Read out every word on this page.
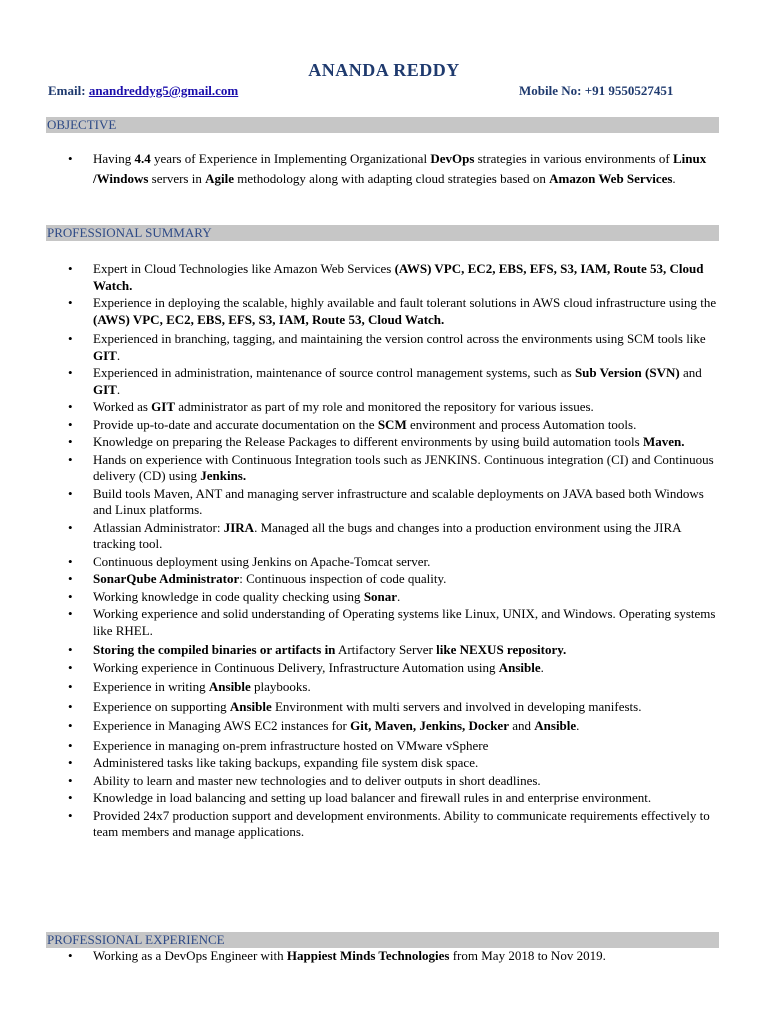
ANANDA REDDY
Email: anandreddyg5@gmail.com	Mobile No: +91 9550527451
OBJECTIVE
• Having 4.4 years of Experience in Implementing Organizational DevOps strategies in various environments of Linux /Windows servers in Agile methodology along with adapting cloud strategies based on Amazon Web Services.
PROFESSIONAL SUMMARY
• Expert in Cloud Technologies like Amazon Web Services (AWS) VPC, EC2, EBS, EFS, S3, IAM, Route 53, Cloud Watch.
• Experience in deploying the scalable, highly available and fault tolerant solutions in AWS cloud infrastructure using the (AWS) VPC, EC2, EBS, EFS, S3, IAM, Route 53, Cloud Watch.
• Experienced in branching, tagging, and maintaining the version control across the environments using SCM tools like GIT.
• Experienced in administration, maintenance of source control management systems, such as Sub Version (SVN) and GIT.
• Worked as GIT administrator as part of my role and monitored the repository for various issues.
• Provide up-to-date and accurate documentation on the SCM environment and process Automation tools.
• Knowledge on preparing the Release Packages to different environments by using build automation tools Maven.
• Hands on experience with Continuous Integration tools such as JENKINS. Continuous integration (CI) and Continuous delivery (CD) using Jenkins.
• Build tools Maven, ANT and managing server infrastructure and scalable deployments on JAVA based both Windows and Linux platforms.
• Atlassian Administrator: JIRA. Managed all the bugs and changes into a production environment using the JIRA tracking tool.
• Continuous deployment using Jenkins on Apache-Tomcat server.
• SonarQube Administrator: Continuous inspection of code quality.
• Working knowledge in code quality checking using Sonar.
• Working experience and solid understanding of Operating systems like Linux, UNIX, and Windows. Operating systems like RHEL.
• Storing the compiled binaries or artifacts in Artifactory Server like NEXUS repository.
• Working experience in Continuous Delivery, Infrastructure Automation using Ansible.
• Experience in writing Ansible playbooks.
• Experience on supporting Ansible Environment with multi servers and involved in developing manifests.
• Experience in Managing AWS EC2 instances for Git, Maven, Jenkins, Docker and Ansible.
• Experience in managing on-prem infrastructure hosted on VMware vSphere
• Administered tasks like taking backups, expanding file system disk space.
• Ability to learn and master new technologies and to deliver outputs in short deadlines.
• Knowledge in load balancing and setting up load balancer and firewall rules in and enterprise environment.
• Provided 24x7 production support and development environments. Ability to communicate requirements effectively to team members and manage applications.
PROFESSIONAL EXPERIENCE
• Working as a DevOps Engineer with Happiest Minds Technologies from May 2018 to Nov 2019.
